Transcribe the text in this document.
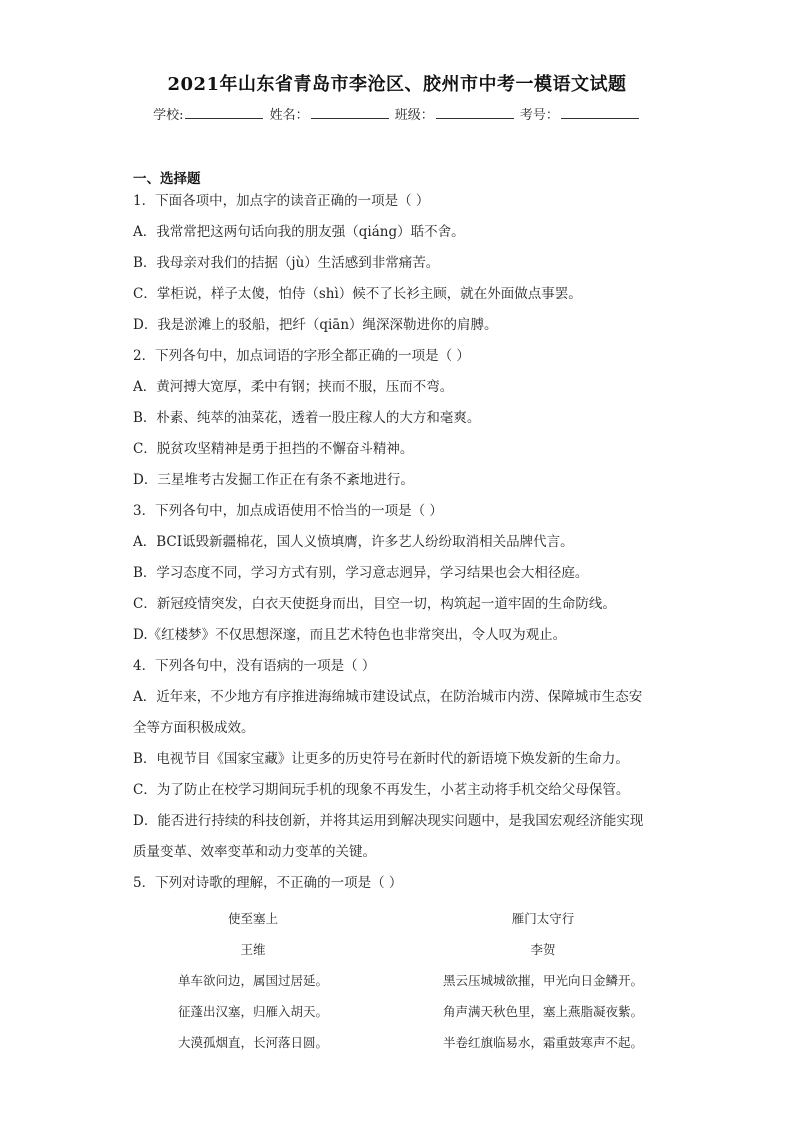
2021年山东省青岛市李沧区、胶州市中考一模语文试题
学校:	姓名：	班级：	考号：
一、选择题
1．下面各项中，加点字的读音正确的一项是（ ）
A．我常常把这两句话向我的朋友强（qiáng）聒不舍。
B．我母亲对我们的拮据（jù）生活感到非常痛苦。
C．掌柜说，样子太傻，怕侍（shì）候不了长衫主顾，就在外面做点事罢。
D．我是淤滩上的驳船，把纤（qiān）绳深深勒进你的肩膊。
2．下列各句中，加点词语的字形全都正确的一项是（ ）
A．黄河搏大宽厚，柔中有钢；挟而不服，压而不弯。
B．朴素、纯萃的油菜花，透着一股庄稼人的大方和毫爽。
C．脱贫攻坚精神是勇于担挡的不懈奋斗精神。
D．三星堆考古发掘工作正在有条不紊地进行。
3．下列各句中，加点成语使用不恰当的一项是（ ）
A．BCI诋毁新疆棉花，国人义愤填膺，许多艺人纷纷取消相关品牌代言。
B．学习态度不同，学习方式有别，学习意志迥异，学习结果也会大相径庭。
C．新冠疫情突发，白衣天使挺身而出，目空一切，构筑起一道牢固的生命防线。
D.《红楼梦》不仅思想深邃，而且艺术特色也非常突出，令人叹为观止。
4．下列各句中，没有语病的一项是（ ）
A．近年来，不少地方有序推进海绵城市建设试点，在防治城市内涝、保障城市生态安
全等方面积极成效。
B．电视节目《国家宝藏》让更多的历史符号在新时代的新语境下焕发新的生命力。
C．为了防止在校学习期间玩手机的现象不再发生，小茗主动将手机交给父母保管。
D．能否进行持续的科技创新，并将其运用到解决现实问题中，是我国宏观经济能实现
质量变革、效率变革和动力变革的关键。
5．下列对诗歌的理解，不正确的一项是（ ）
使至塞上
王维
单车欲问边，属国过居延。
征蓬出汉塞，归雁入胡天。
大漠孤烟直，长河落日圆。
雁门太守行
李贺
黑云压城城欲摧，甲光向日金鳞开。
角声满天秋色里，塞上燕脂凝夜紫。
半卷红旗临易水，霜重鼓寒声不起。
